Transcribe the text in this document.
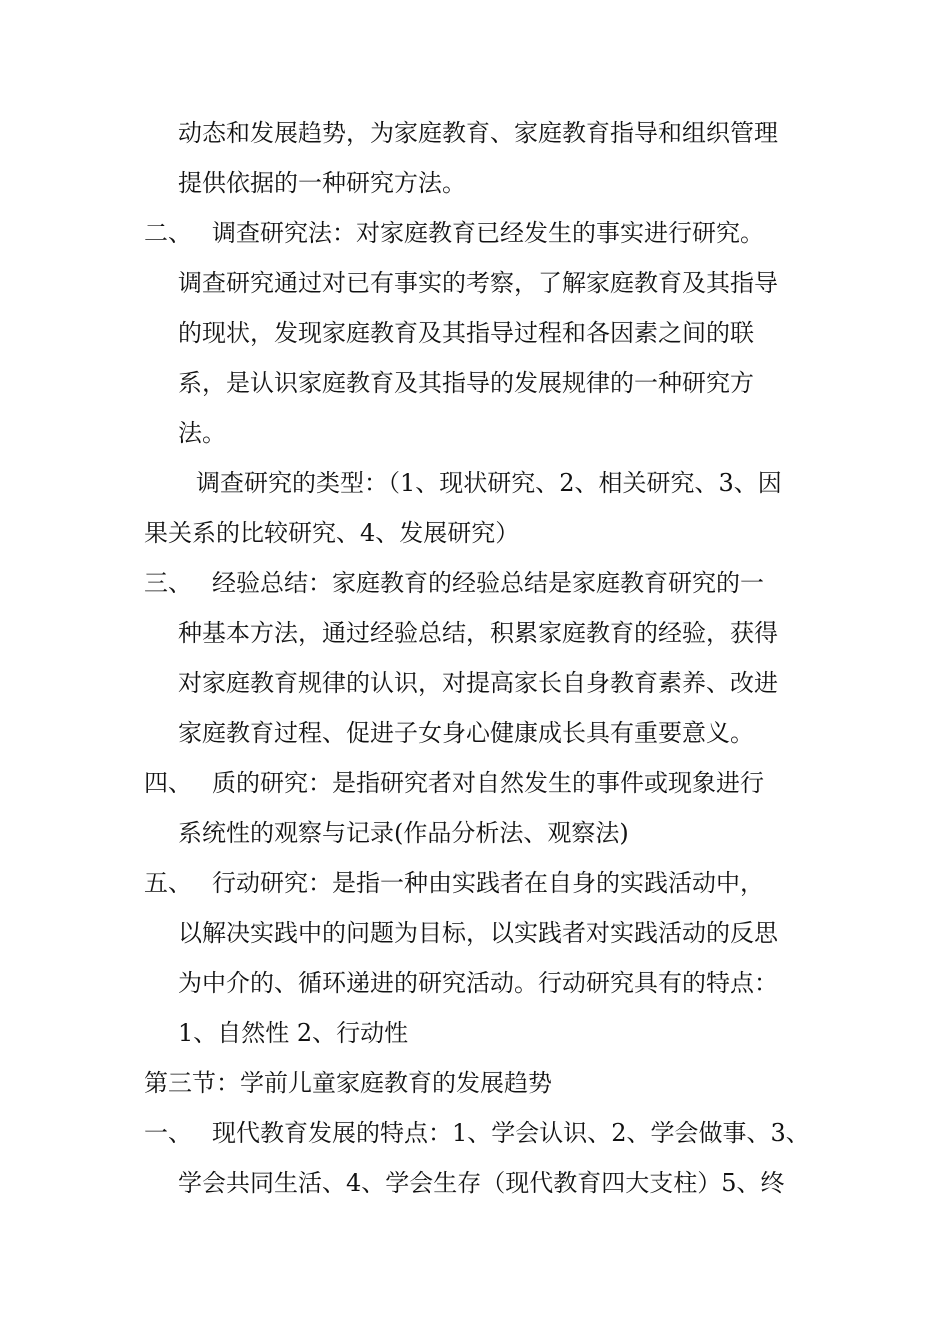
动态和发展趋势，为家庭教育、家庭教育指导和组织管理
提供依据的一种研究方法。
二、 调查研究法：对家庭教育已经发生的事实进行研究。
调查研究通过对已有事实的考察，了解家庭教育及其指导
的现状，发现家庭教育及其指导过程和各因素之间的联
系，是认识家庭教育及其指导的发展规律的一种研究方
法。
调查研究的类型：（1、现状研究、2、相关研究、3、因
果关系的比较研究、4、发展研究）
三、 经验总结：家庭教育的经验总结是家庭教育研究的一
种基本方法，通过经验总结，积累家庭教育的经验，获得
对家庭教育规律的认识，对提高家长自身教育素养、改进
家庭教育过程、促进子女身心健康成长具有重要意义。
四、 质的研究：是指研究者对自然发生的事件或现象进行
系统性的观察与记录(作品分析法、观察法)
五、 行动研究：是指一种由实践者在自身的实践活动中，
以解决实践中的问题为目标，以实践者对实践活动的反思
为中介的、循环递进的研究活动。行动研究具有的特点：
1、自然性 2、行动性
第三节：学前儿童家庭教育的发展趋势
一、 现代教育发展的特点：1、学会认识、2、学会做事、3、
学会共同生活、4、学会生存（现代教育四大支柱）5、终
